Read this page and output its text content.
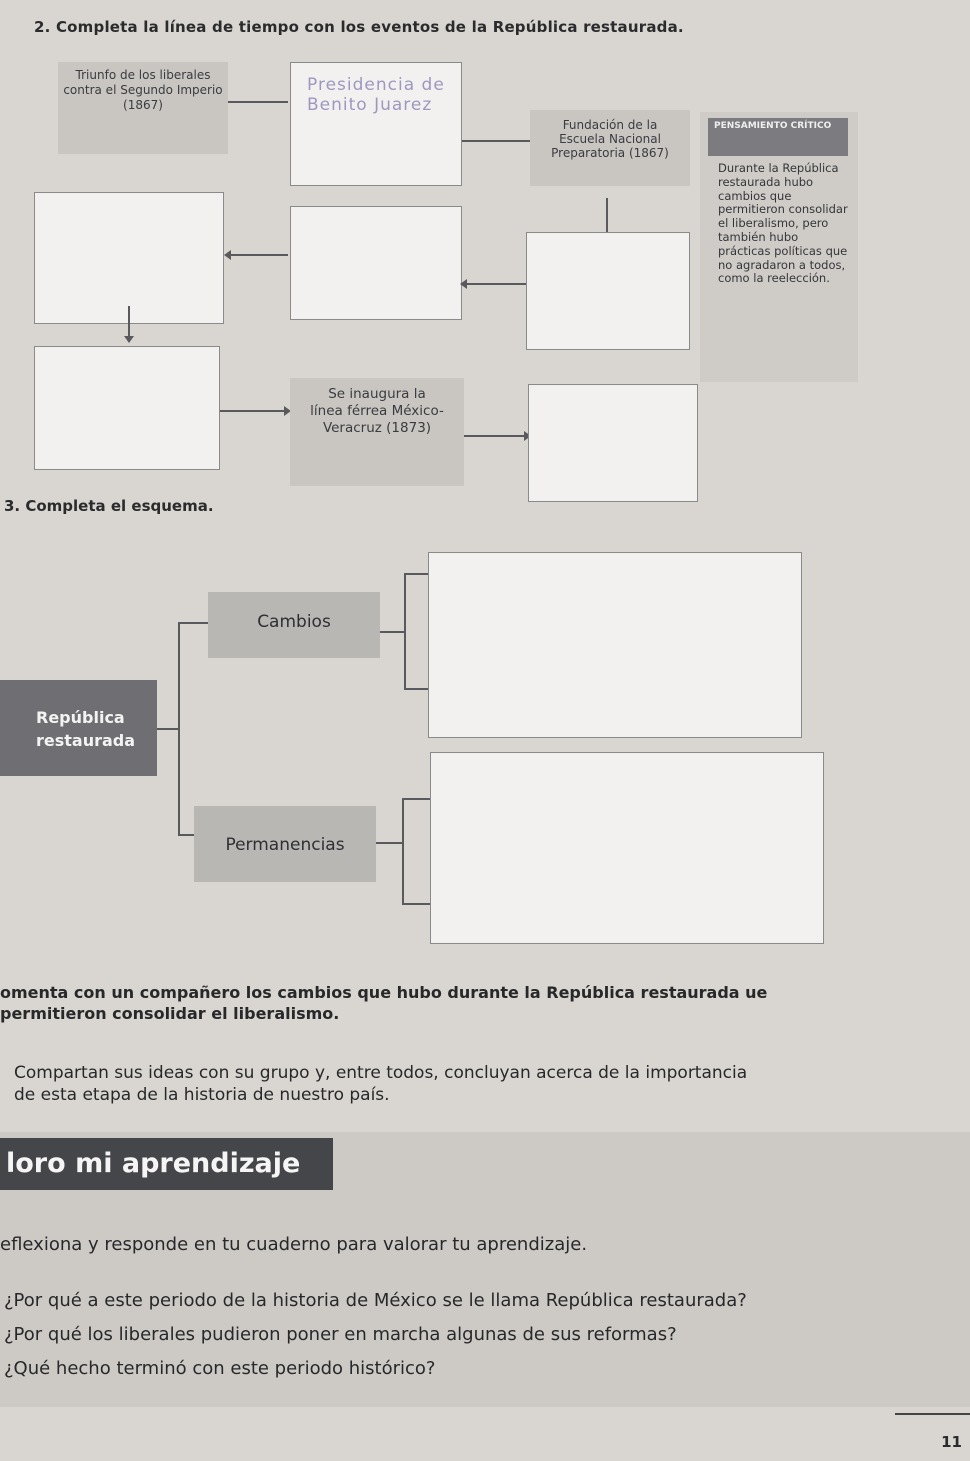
2. Completa la línea de tiempo con los eventos de la República restaurada.
Triunfo de los liberales contra el Segundo Imperio (1867)
Presidencia de Benito Juarez
Fundación de la Escuela Nacional Preparatoria (1867)
PENSAMIENTO CRÍTICO
Durante la República restaurada hubo cambios que permitieron consolidar el liberalismo, pero también hubo prácticas políticas que no agradaron a todos, como la reelección.
Se inaugura la línea férrea México-Veracruz (1873)
3. Completa el esquema.
República restaurada
Cambios
Permanencias
omenta con un compañero los cambios que hubo durante la República restaurada ue permitieron consolidar el liberalismo.
Compartan sus ideas con su grupo y, entre todos, concluyan acerca de la importancia de esta etapa de la historia de nuestro país.
loro mi aprendizaje
eflexiona y responde en tu cuaderno para valorar tu aprendizaje.
¿Por qué a este periodo de la historia de México se le llama República restaurada?
¿Por qué los liberales pudieron poner en marcha algunas de sus reformas?
¿Qué hecho terminó con este periodo histórico?
11
